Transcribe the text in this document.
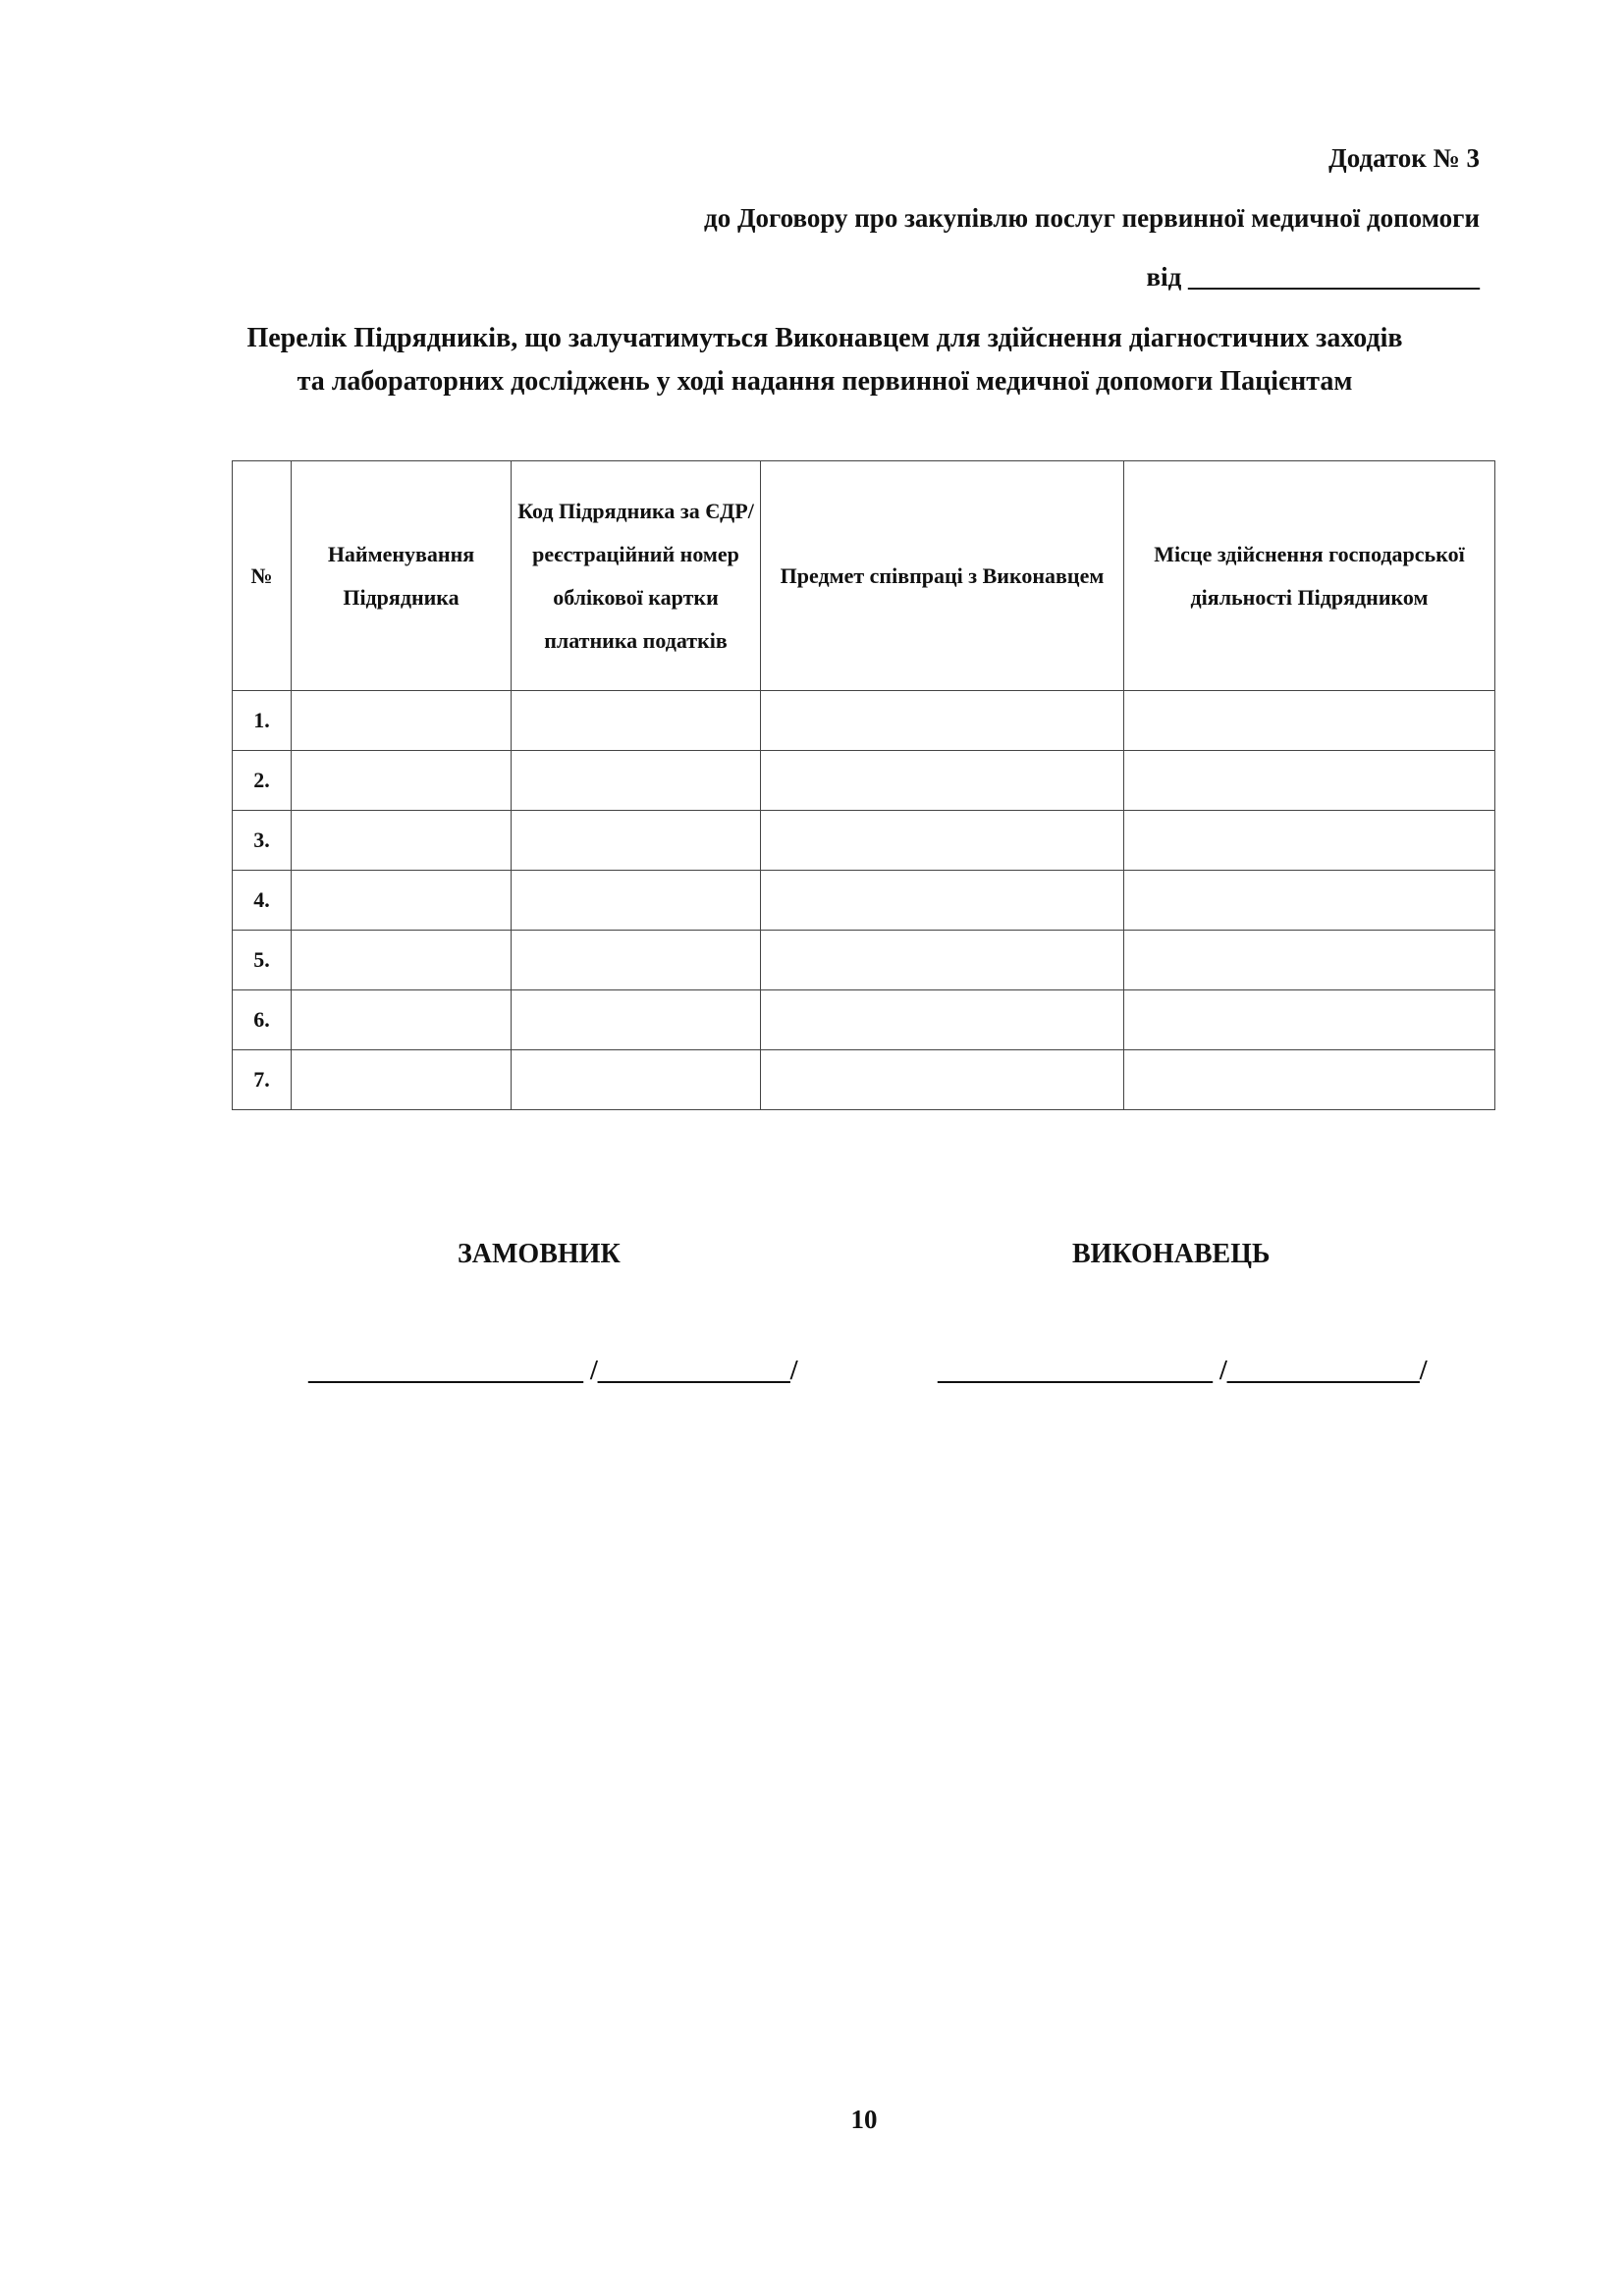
Додаток № 3
до Договору про закупівлю послуг первинної медичної допомоги
від ______________________
Перелік Підрядників, що залучатимуться Виконавцем для здійснення діагностичних заходів та лабораторних досліджень у ході надання первинної медичної допомоги Пацієнтам
№	Найменування Підрядника	Код Підрядника за ЄДР/реєстраційний номер облікової картки платника податків	Предмет співпраці з Виконавцем	Місце здійснення господарської діяльності Підрядником

1.				
2.				
3.				
4.				
5.				
6.				
7.				
ЗАМОВНИК	ВИКОНАВЕЦЬ
____________________ /______________/	____________________ /______________/
10
